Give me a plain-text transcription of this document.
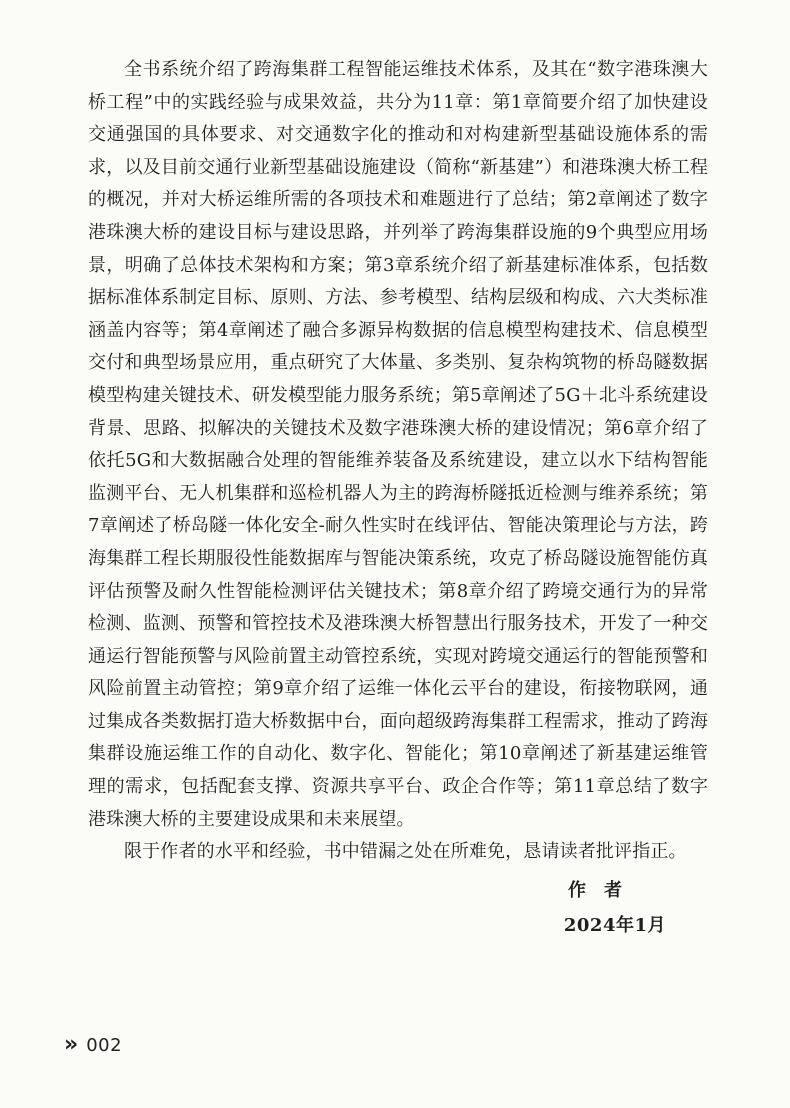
全书系统介绍了跨海集群工程智能运维技术体系，及其在“数字港珠澳大桥工程”中的实践经验与成果效益，共分为11章：第1章简要介绍了加快建设交通强国的具体要求、对交通数字化的推动和对构建新型基础设施体系的需求，以及目前交通行业新型基础设施建设（简称“新基建”）和港珠澳大桥工程的概况，并对大桥运维所需的各项技术和难题进行了总结；第2章阐述了数字港珠澳大桥的建设目标与建设思路，并列举了跨海集群设施的9个典型应用场景，明确了总体技术架构和方案；第3章系统介绍了新基建标准体系，包括数据标准体系制定目标、原则、方法、参考模型、结构层级和构成、六大类标准涵盖内容等；第4章阐述了融合多源异构数据的信息模型构建技术、信息模型交付和典型场景应用，重点研究了大体量、多类别、复杂构筑物的桥岛隧数据模型构建关键技术、研发模型能力服务系统；第5章阐述了5G＋北斗系统建设背景、思路、拟解决的关键技术及数字港珠澳大桥的建设情况；第6章介绍了依托5G和大数据融合处理的智能维养装备及系统建设，建立以水下结构智能监测平台、无人机集群和巡检机器人为主的跨海桥隧抵近检测与维养系统；第7章阐述了桥岛隧一体化安全-耐久性实时在线评估、智能决策理论与方法，跨海集群工程长期服役性能数据库与智能决策系统，攻克了桥岛隧设施智能仿真评估预警及耐久性智能检测评估关键技术；第8章介绍了跨境交通行为的异常检测、监测、预警和管控技术及港珠澳大桥智慧出行服务技术，开发了一种交通运行智能预警与风险前置主动管控系统，实现对跨境交通运行的智能预警和风险前置主动管控；第9章介绍了运维一体化云平台的建设，衔接物联网，通过集成各类数据打造大桥数据中台，面向超级跨海集群工程需求，推动了跨海集群设施运维工作的自动化、数字化、智能化；第10章阐述了新基建运维管理的需求，包括配套支撑、资源共享平台、政企合作等；第11章总结了数字港珠澳大桥的主要建设成果和未来展望。

限于作者的水平和经验，书中错漏之处在所难免，恳请读者批评指正。

作者
2024年1月
» 002
